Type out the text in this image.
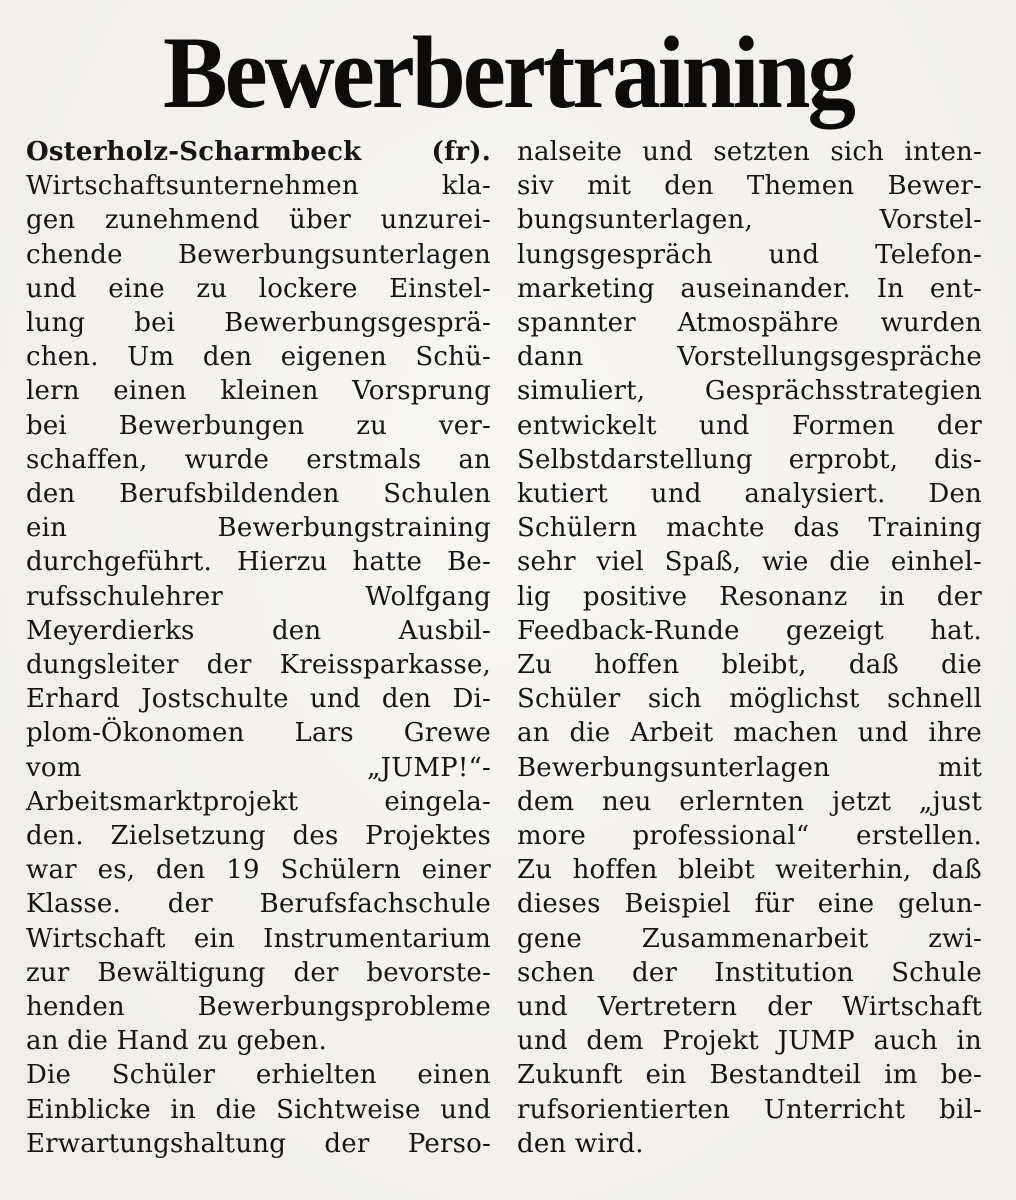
Bewerbertraining
Osterholz-Scharmbeck (fr).
Wirtschaftsunternehmen kla-
gen zunehmend über unzurei-
chende Bewerbungsunterlagen
und eine zu lockere Einstel-
lung bei Bewerbungsgesprä-
chen. Um den eigenen Schü-
lern einen kleinen Vorsprung
bei Bewerbungen zu ver-
schaffen, wurde erstmals an
den Berufsbildenden Schulen
ein Bewerbungstraining
durchgeführt. Hierzu hatte Be-
rufsschulehrer Wolfgang
Meyerdierks den Ausbil-
dungsleiter der Kreissparkasse,
Erhard Jostschulte und den Di-
plom-Ökonomen Lars Grewe
vom „JUMP!“-
Arbeitsmarktprojekt eingela-
den. Zielsetzung des Projektes
war es, den 19 Schülern einer
Klasse. der Berufsfachschule
Wirtschaft ein Instrumentarium
zur Bewältigung der bevorste-
henden Bewerbungsprobleme
an die Hand zu geben.
Die Schüler erhielten einen
Einblicke in die Sichtweise und
Erwartungshaltung der Perso-
nalseite und setzten sich inten-
siv mit den Themen Bewer-
bungsunterlagen, Vorstel-
lungsgespräch und Telefon-
marketing auseinander. In ent-
spannter Atmospähre wurden
dann Vorstellungsgespräche
simuliert, Gesprächsstrategien
entwickelt und Formen der
Selbstdarstellung erprobt, dis-
kutiert und analysiert. Den
Schülern machte das Training
sehr viel Spaß, wie die einhel-
lig positive Resonanz in der
Feedback-Runde gezeigt hat.
Zu hoffen bleibt, daß die
Schüler sich möglichst schnell
an die Arbeit machen und ihre
Bewerbungsunterlagen mit
dem neu erlernten jetzt „just
more professional“ erstellen.
Zu hoffen bleibt weiterhin, daß
dieses Beispiel für eine gelun-
gene Zusammenarbeit zwi-
schen der Institution Schule
und Vertretern der Wirtschaft
und dem Projekt JUMP auch in
Zukunft ein Bestandteil im be-
rufsorientierten Unterricht bil-
den wird.
